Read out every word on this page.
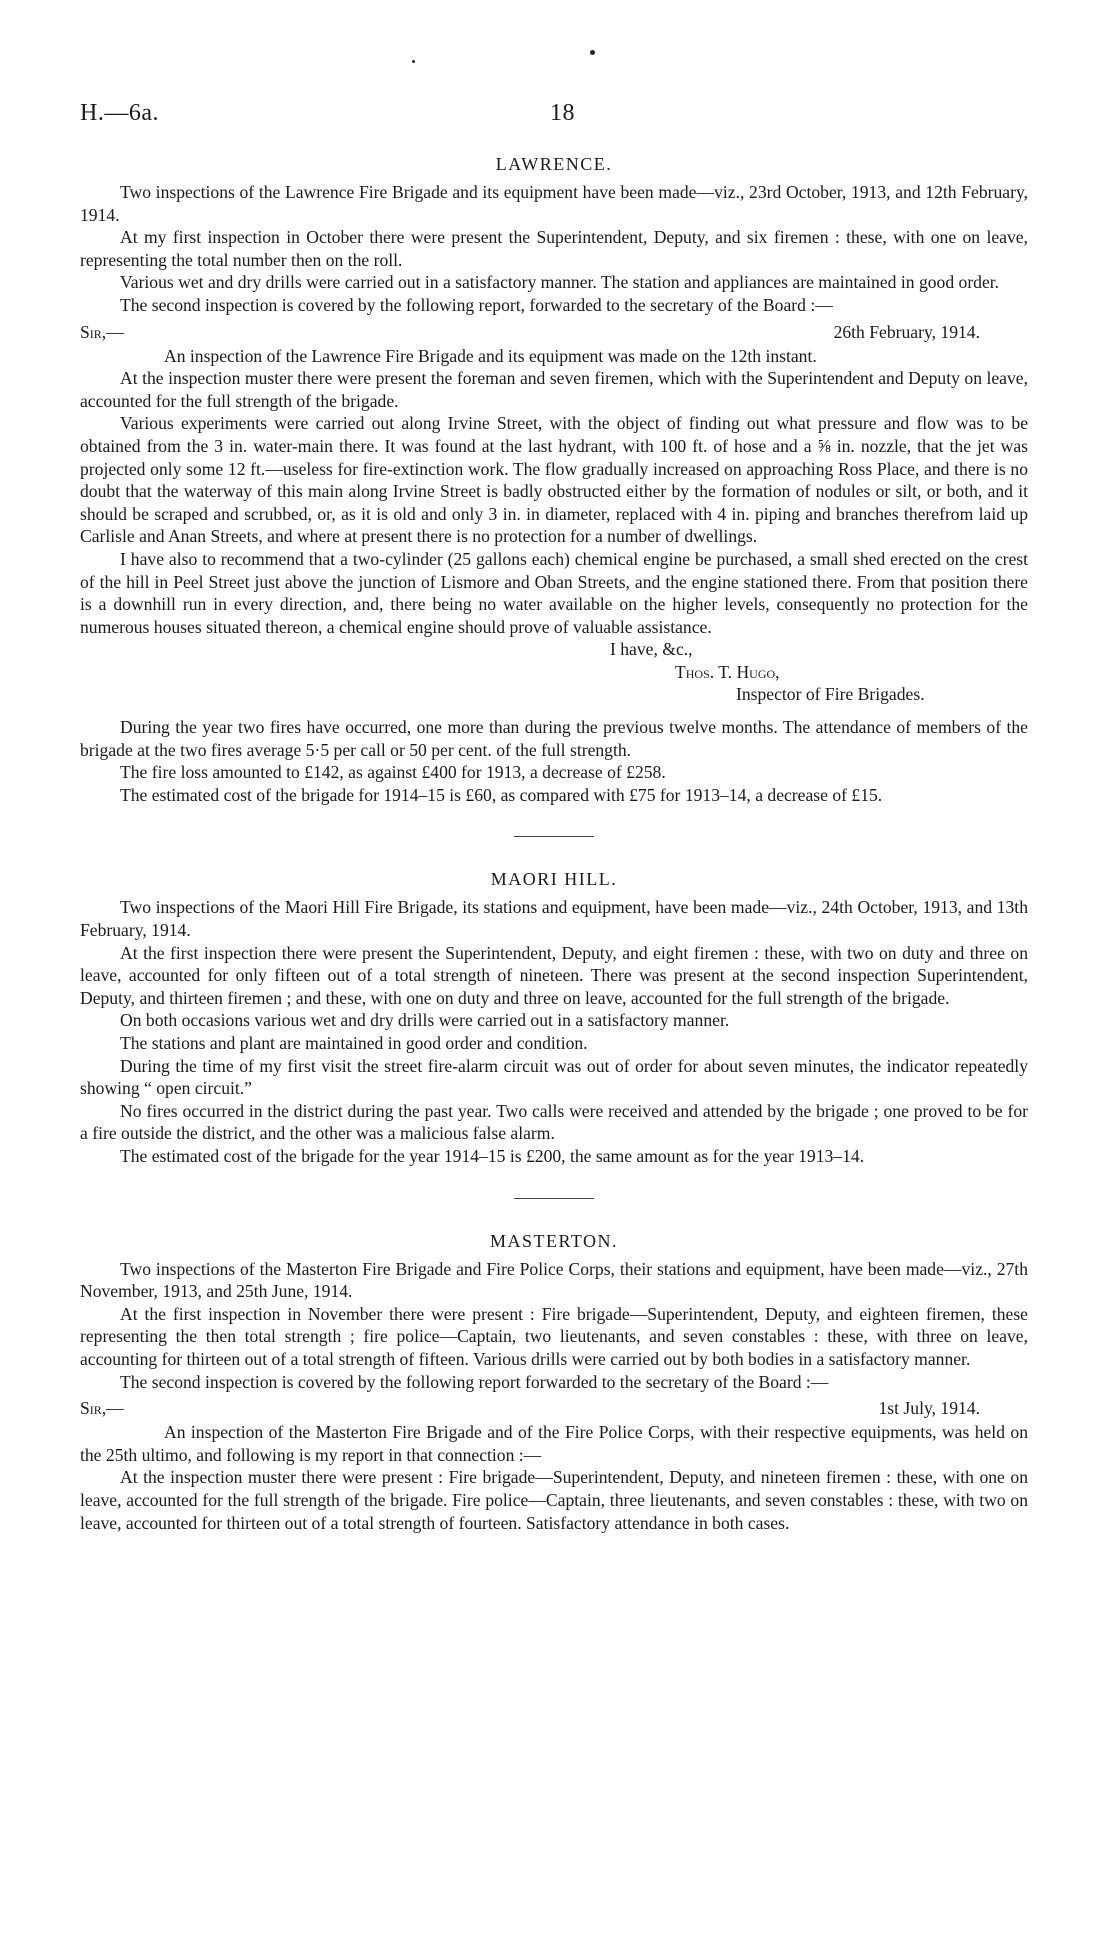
H.—6a.	18
LAWRENCE.

Two inspections of the Lawrence Fire Brigade and its equipment have been made—viz., 23rd October, 1913, and 12th February, 1914.

At my first inspection in October there were present the Superintendent, Deputy, and six firemen : these, with one on leave, representing the total number then on the roll.

Various wet and dry drills were carried out in a satisfactory manner. The station and appliances are maintained in good order.

The second inspection is covered by the following report, forwarded to the secretary of the Board :—

Sir,—	26th February, 1914.

An inspection of the Lawrence Fire Brigade and its equipment was made on the 12th instant.

At the inspection muster there were present the foreman and seven firemen, which with the Superintendent and Deputy on leave, accounted for the full strength of the brigade.

Various experiments were carried out along Irvine Street, with the object of finding out what pressure and flow was to be obtained from the 3 in. water-main there. It was found at the last hydrant, with 100 ft. of hose and a ⅝ in. nozzle, that the jet was projected only some 12 ft.—useless for fire-extinction work. The flow gradually increased on approaching Ross Place, and there is no doubt that the waterway of this main along Irvine Street is badly obstructed either by the formation of nodules or silt, or both, and it should be scraped and scrubbed, or, as it is old and only 3 in. in diameter, replaced with 4 in. piping and branches therefrom laid up Carlisle and Anan Streets, and where at present there is no protection for a number of dwellings.

I have also to recommend that a two-cylinder (25 gallons each) chemical engine be purchased, a small shed erected on the crest of the hill in Peel Street just above the junction of Lismore and Oban Streets, and the engine stationed there. From that position there is a downhill run in every direction, and, there being no water available on the higher levels, consequently no protection for the numerous houses situated thereon, a chemical engine should prove of valuable assistance.

I have, &c.,
Thos. T. Hugo,
Inspector of Fire Brigades.

During the year two fires have occurred, one more than during the previous twelve months. The attendance of members of the brigade at the two fires average 5·5 per call or 50 per cent. of the full strength.

The fire loss amounted to £142, as against £400 for 1913, a decrease of £258.

The estimated cost of the brigade for 1914–15 is £60, as compared with £75 for 1913–14, a decrease of £15.

MAORI HILL.

Two inspections of the Maori Hill Fire Brigade, its stations and equipment, have been made—viz., 24th October, 1913, and 13th February, 1914.

At the first inspection there were present the Superintendent, Deputy, and eight firemen : these, with two on duty and three on leave, accounted for only fifteen out of a total strength of nineteen. There was present at the second inspection Superintendent, Deputy, and thirteen firemen ; and these, with one on duty and three on leave, accounted for the full strength of the brigade.

On both occasions various wet and dry drills were carried out in a satisfactory manner.

The stations and plant are maintained in good order and condition.

During the time of my first visit the street fire-alarm circuit was out of order for about seven minutes, the indicator repeatedly showing “ open circuit.”

No fires occurred in the district during the past year. Two calls were received and attended by the brigade ; one proved to be for a fire outside the district, and the other was a malicious false alarm.

The estimated cost of the brigade for the year 1914–15 is £200, the same amount as for the year 1913–14.

MASTERTON.

Two inspections of the Masterton Fire Brigade and Fire Police Corps, their stations and equipment, have been made—viz., 27th November, 1913, and 25th June, 1914.

At the first inspection in November there were present : Fire brigade—Superintendent, Deputy, and eighteen firemen, these representing the then total strength ; fire police—Captain, two lieutenants, and seven constables : these, with three on leave, accounting for thirteen out of a total strength of fifteen. Various drills were carried out by both bodies in a satisfactory manner.

The second inspection is covered by the following report forwarded to the secretary of the Board :—

Sir,—	1st July, 1914.

An inspection of the Masterton Fire Brigade and of the Fire Police Corps, with their respective equipments, was held on the 25th ultimo, and following is my report in that connection :—

At the inspection muster there were present : Fire brigade—Superintendent, Deputy, and nineteen firemen : these, with one on leave, accounted for the full strength of the brigade. Fire police—Captain, three lieutenants, and seven constables : these, with two on leave, accounted for thirteen out of a total strength of fourteen. Satisfactory attendance in both cases.
